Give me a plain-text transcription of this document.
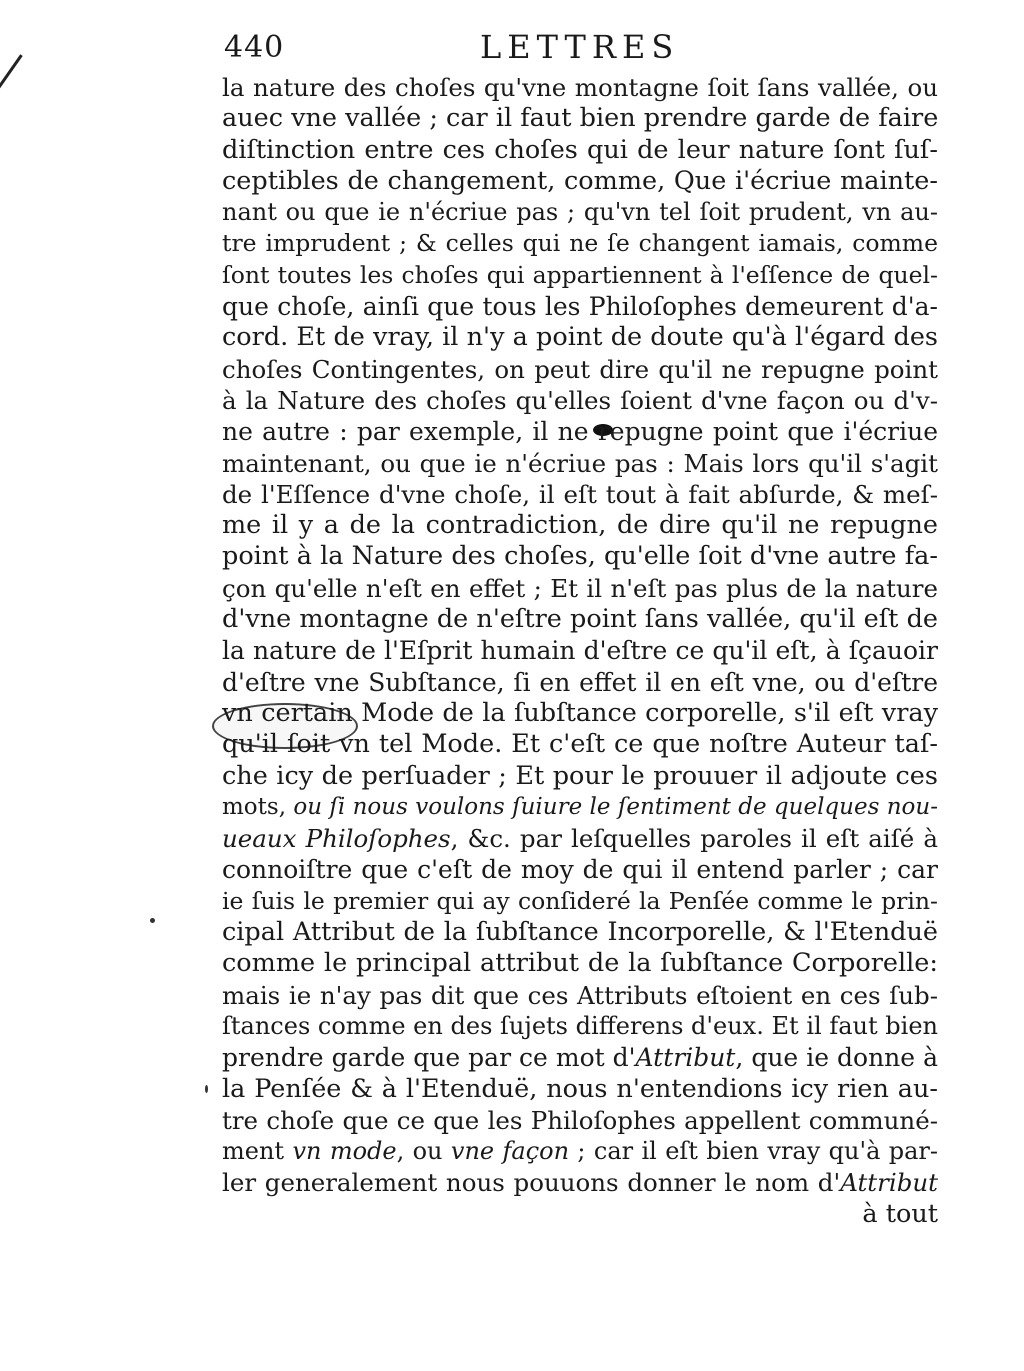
440	LETTRES
la nature des choſes qu'vne montagne ſoit ſans vallée, ou
auec vne vallée ; car il faut bien prendre garde de faire
diſtinction entre ces choſes qui de leur nature ſont ſuſ-
ceptibles de changement, comme, Que i'écriue mainte-
nant ou que ie n'écriue pas ; qu'vn tel ſoit prudent, vn au-
tre imprudent ; & celles qui ne ſe changent iamais, comme
ſont toutes les choſes qui appartiennent à l'eſſence de quel-
que choſe, ainſi que tous les Philoſophes demeurent d'a-
cord. Et de vray, il n'y a point de doute qu'à l'égard des
choſes Contingentes, on peut dire qu'il ne repugne point
à la Nature des choſes qu'elles ſoient d'vne façon ou d'v-
ne autre : par exemple, il ne repugne point que i'écriue
maintenant, ou que ie n'écriue pas : Mais lors qu'il s'agit
de l'Eſſence d'vne choſe, il eſt tout à fait abſurde, & meſ-
me il y a de la contradiction, de dire qu'il ne repugne
point à la Nature des choſes, qu'elle ſoit d'vne autre fa-
çon qu'elle n'eſt en effet ; Et il n'eſt pas plus de la nature
d'vne montagne de n'eſtre point ſans vallée, qu'il eſt de
la nature de l'Eſprit humain d'eſtre ce qu'il eſt, à ſçauoir
d'eſtre vne Subſtance, ſi en effet il en eſt vne, ou d'eſtre
vn certain Mode de la ſubſtance corporelle, s'il eſt vray
qu'il ſoit vn tel Mode. Et c'eſt ce que noſtre Auteur taſ-
che icy de perſuader ; Et pour le prouuer il adjoute ces
mots, ou ſi nous voulons ſuiure le ſentiment de quelques nou-
ueaux Philoſophes, &c. par leſquelles paroles il eſt aiſé à
connoiſtre que c'eſt de moy de qui il entend parler ; car
ie ſuis le premier qui ay conſideré la Penſée comme le prin-
cipal Attribut de la ſubſtance Incorporelle, & l'Etenduë
comme le principal attribut de la ſubſtance Corporelle:
mais ie n'ay pas dit que ces Attributs eſtoient en ces ſub-
ſtances comme en des ſujets differens d'eux. Et il faut bien
prendre garde que par ce mot d'Attribut, que ie donne à
la Penſée & à l'Etenduë, nous n'entendions icy rien au-
tre choſe que ce que les Philoſophes appellent communé-
ment vn mode, ou vne façon ; car il eſt bien vray qu'à par-
ler generalement nous pouuons donner le nom d'Attribut
à tout
